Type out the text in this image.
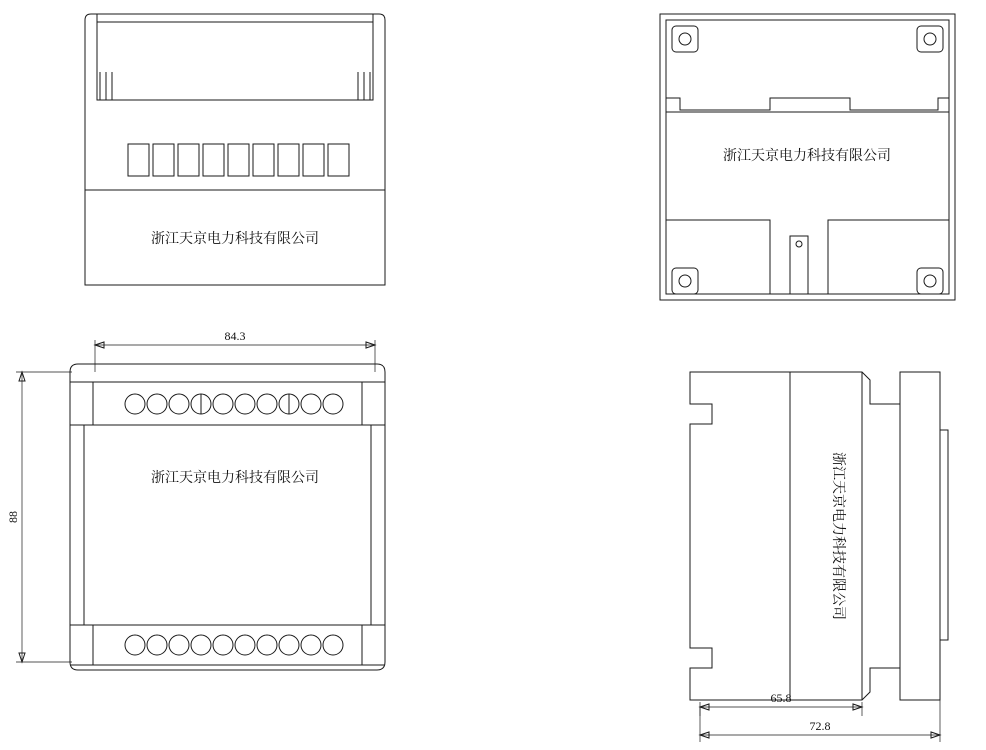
浙江天京电力科技有限公司
浙江天京电力科技有限公司
浙江天京电力科技有限公司
84.3
88	浙江天京电力科技有限公司
65.8
72.8
